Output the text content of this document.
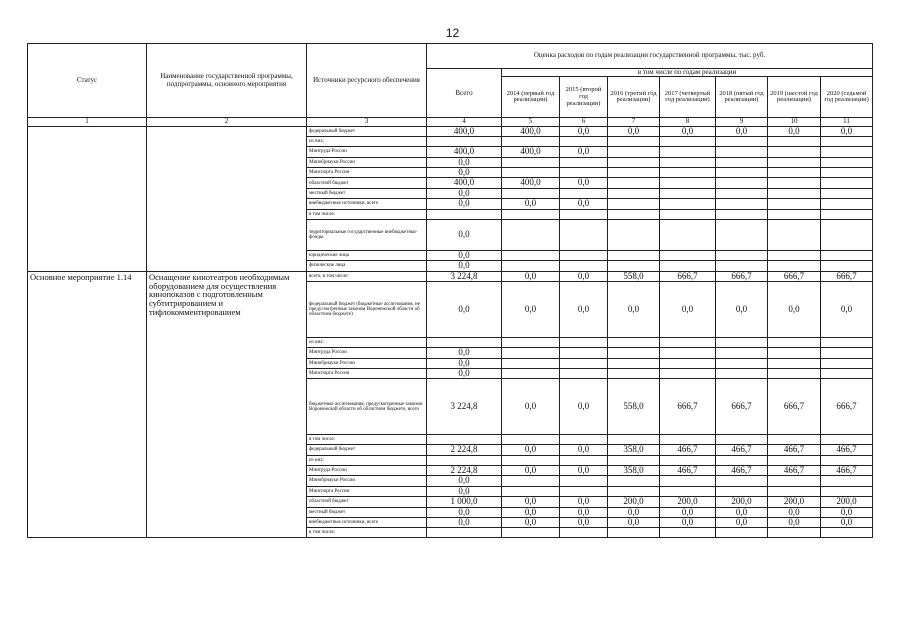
12
Статус	Наименование государственной программы, подпрограммы, основного мероприятия	Источники ресурсного обеспечения	Оценка расходов по годам реализации государственной программы, тыс. руб.							
			Всего	в том числе по годам реализации						
				2014 (первый год реализации)	2015 (второй год реализации)	2016 (третий год реализации)	2017 (четвертый год реализации)	2018 (пятый год реализации)	2019 (шестой год реализации)	2020 (седьмой год реализации)
1	2	3	4	5	6	7	8	9	10	11
		федеральный бюджет	400,0	400,0	0,0	0,0	0,0	0,0	0,0	0,0
		из них:								
		Минтруда России	400,0	400,0	0,0					
		Минобрнауки России	0,0							
		Минспорта России	0,0							
		областной бюджет	400,0	400,0	0,0					
		местный бюджет	0,0							
		внебюджетные источники, всего	0,0	0,0	0,0					
		в том числе:								
		территориальные государственные внебюджетные фонды	0,0							
		юридические лица	0,0							
		физические лица	0,0							
Основное мероприятие 1.14	Оснащение кинотеатров необходимым оборудованием для осуществления кинопоказов с подготовленным субтитрированием и тифлокомментированием	всего, в том числе:	3 224,8	0,0	0,0	558,0	666,7	666,7	666,7	666,7
		федеральный бюджет (бюджетные ассигнования, не предусмотренные законом Воронежской области об областном бюджете)	0,0	0,0	0,0	0,0	0,0	0,0	0,0	0,0
		из них:								
		Минтруда России	0,0							
		Минобрнауки России	0,0							
		Минспорта России	0,0							
		бюджетные ассигнования, предусмотренные законом Воронежской области об областном бюджете, всего	3 224,8	0,0	0,0	558,0	666,7	666,7	666,7	666,7
		в том числе:								
		федеральный бюджет	2 224,8	0,0	0,0	358,0	466,7	466,7	466,7	466,7
		из них:								
		Минтруда России	2 224,8	0,0	0,0	358,0	466,7	466,7	466,7	466,7
		Минобрнауки России	0,0							
		Минспорта России	0,0							
		областной бюджет	1 000,0	0,0	0,0	200,0	200,0	200,0	200,0	200,0
		местный бюджет	0,0	0,0	0,0	0,0	0,0	0,0	0,0	0,0
		внебюджетные источники, всего	0,0	0,0	0,0	0,0	0,0	0,0	0,0	0,0
		в том числе:								
